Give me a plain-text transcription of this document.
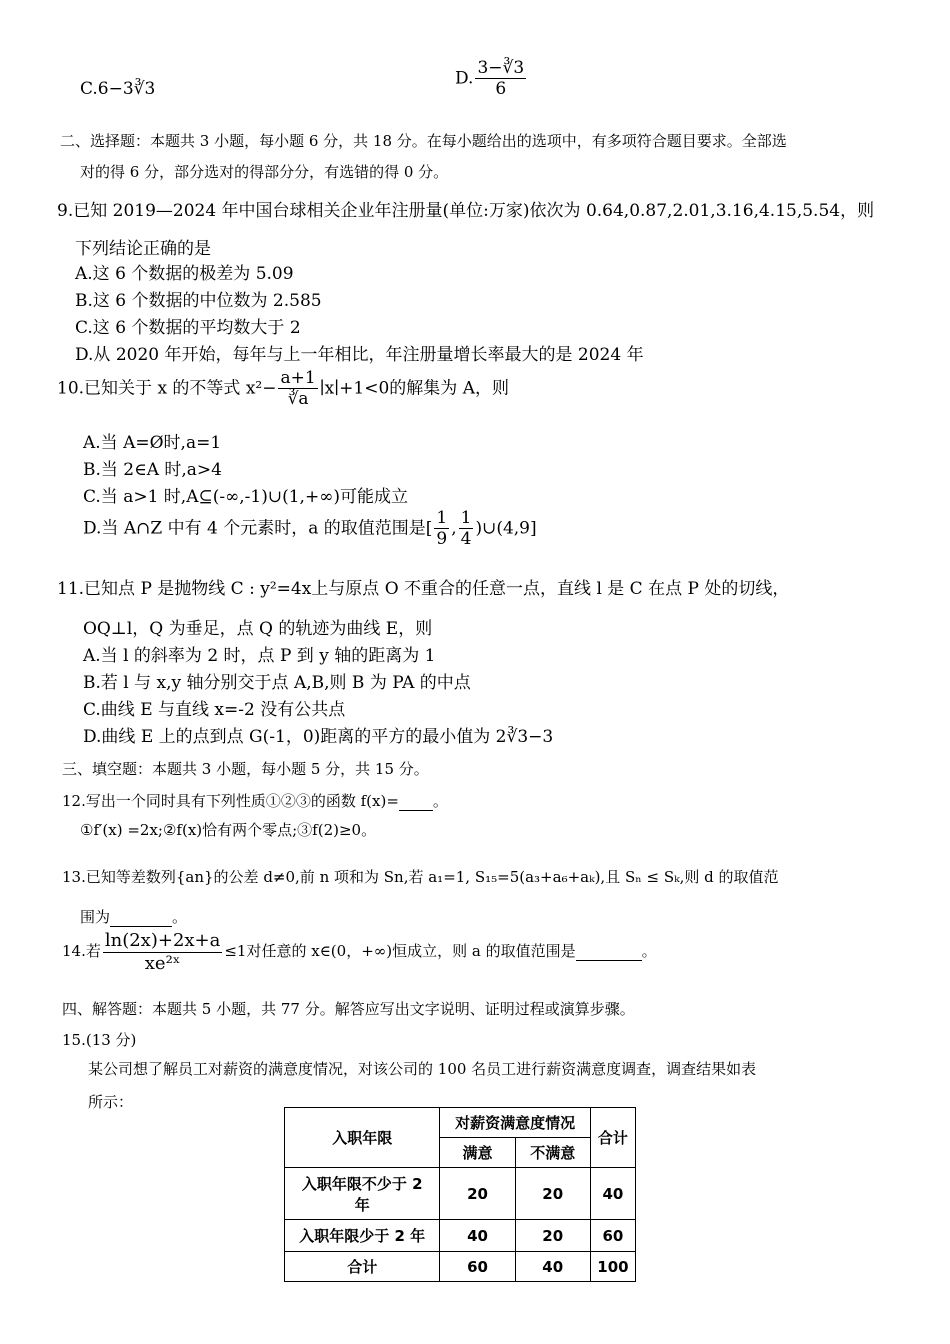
C.6−3∛3
D. $\frac{3-∛3}{6}$
二、选择题：本题共 3 小题，每小题 6 分，共 18 分。在每小题给出的选项中，有多项符合题目要求。全部选
对的得 6 分，部分选对的得部分分，有选错的得 0 分。
9.已知 2019—2024 年中国台球相关企业年注册量(单位:万家)依次为 0.64,0.87,2.01,3.16,4.15,5.54，则
下列结论正确的是
A.这 6 个数据的极差为 5.09
B.这 6 个数据的中位数为 2.585
C.这 6 个数据的平均数大于 2
D.从 2020 年开始，每年与上一年相比，年注册量增长率最大的是 2024 年
10.已知关于 x 的不等式 $x^2- \frac{a+1}{∛a}$ ∣x∣+1<0的解集为 A，则
A.当 A=Ø时,a=1
B.当 2∈A 时,a>4
C.当 a>1 时,A⊆(-∞,-1)∪(1,+∞)可能成立
D.当 A∩Z 中有 4 个元素时，a 的取值范围是[ $\frac{1}{9}$ , $\frac{1}{4}$ )∪(4,9]
11.已知点 P 是抛物线 C : y²=4x上与原点 O 不重合的任意一点，直线 l 是 C 在点 P 处的切线，
OQ⊥l，Q 为垂足，点 Q 的轨迹为曲线 E，则
A.当 l 的斜率为 2 时，点 P 到 y 轴的距离为 1
B.若 l 与 x,y 轴分别交于点 A,B,则 B 为 PA 的中点
C.曲线 E 与直线 x=-2 没有公共点
D.曲线 E 上的点到点 G(-1，0)距离的平方的最小值为 2∛3−3
三、填空题：本题共 3 小题，每小题 5 分，共 15 分。
12.写出一个同时具有下列性质①②③的函数 f(x)= 。
①f′(x) =2x;②f(x)恰有两个零点;③f(2)≥0。
13.已知等差数列{an}的公差 d≠0,前 n 项和为 Sn,若 a₁=1, S₁₅=5(a₃+a₆+aₖ),且 Sₙ ≤ Sₖ,则 d 的取值范
围为	。
14.若 $\frac{\ln(2x)+2x+a}{\text{xe²ˣ}} \le 1$对任意的 x∈(0，+∞)恒成立，则 a 的取值范围是	。
四、解答题：本题共 5 小题，共 77 分。解答应写出文字说明、证明过程或演算步骤。
15.(13 分)
某公司想了解员工对薪资的满意度情况，对该公司的 100 名员工进行薪资满意度调查，调查结果如表
所示：
入职年限	对薪资满意度情况		合计
	满意	不满意	
入职年限不少于 2
年	20	20	40
入职年限少于 2 年	40	20	60
合计	60	40	100
